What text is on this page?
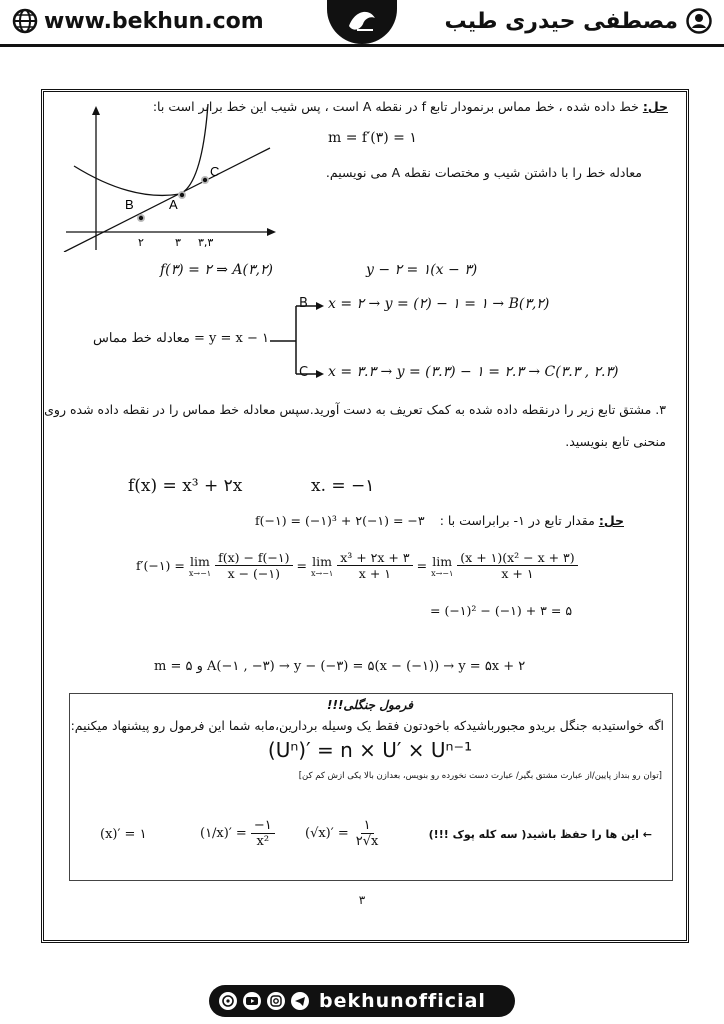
www.bekhun.com	مصطفی حیدری طیب
حل: خط داده شده ، خط مماس برنمودار تابع f در نقطه A است ، پس شیب این خط برابر است با:
B	A
C
۲	۳ ۳,۳
m = f′(۳) = ۱
معادله خط را با داشتن شیب و مختصات نقطه A می نویسیم.
f(۳) = ۲ ⇒ A(۳,۲)	y − ۲ = ۱(x − ۳)
معادله خط مماس = y = x − ۱
B x = ۲ → y = (۲) − ۱ = ۱ → B(۳,۲)
C x = ۳.۳ → y = (۳.۳) − ۱ = ۲.۳ → C(۳.۳ , ۲.۳)
۳. مشتق تابع زیر را درنقطه داده شده به کمک تعریف به دست آورید.سپس معادله خط مماس را در نقطه داده شده روی
منحنی تابع بنویسید.
f(x) = x³ + ۲x	x. = −۱
حل: مقدار تابع در ۱- برابراست با :
f(−۱) = (−۱)³ + ۲(−۱) = −۳
f′(−۱) = lim
x→−۱ $\frac{f(x) - f(-۱)}{x - (-۱)} = \lim$
x→−۱ $\frac{\text{x³ + ۲x + ۳}}{x + ۱} = \lim$
x→−۱ $\frac{\text{(x + ۱)(x² − x + ۳)}}{x + ۱}$
= (−۱)² − (−۱) + ۳ = ۵
m = ۵ و A(−۱ , −۳) → y − (−۳) = ۵(x − (−۱)) → y = ۵x + ۲
فرمول جنگلی!!!
اگه خواستیدبه جنگل بریدو مجبورباشیدکه باخودتون فقط یک وسیله بردارین،مابه شما این فرمول رو پیشنهاد میکنیم:
(Uⁿ)′ = n × U′ × Uⁿ⁻¹
[توان رو بنداز پایین/از عبارت مشتق بگیر/ عبارت دست نخورده رو بنویس، بعدازن بالا یکی ازش کم کن]
(x)′ = ۱	(۱/x)′ = $\frac{-۱}{\text{x²}} (√x)' = \frac{۱}{۲√x}$	← این ها را حفظ باشید( سه کله پوک !!!)
۳
bekhunofficial
